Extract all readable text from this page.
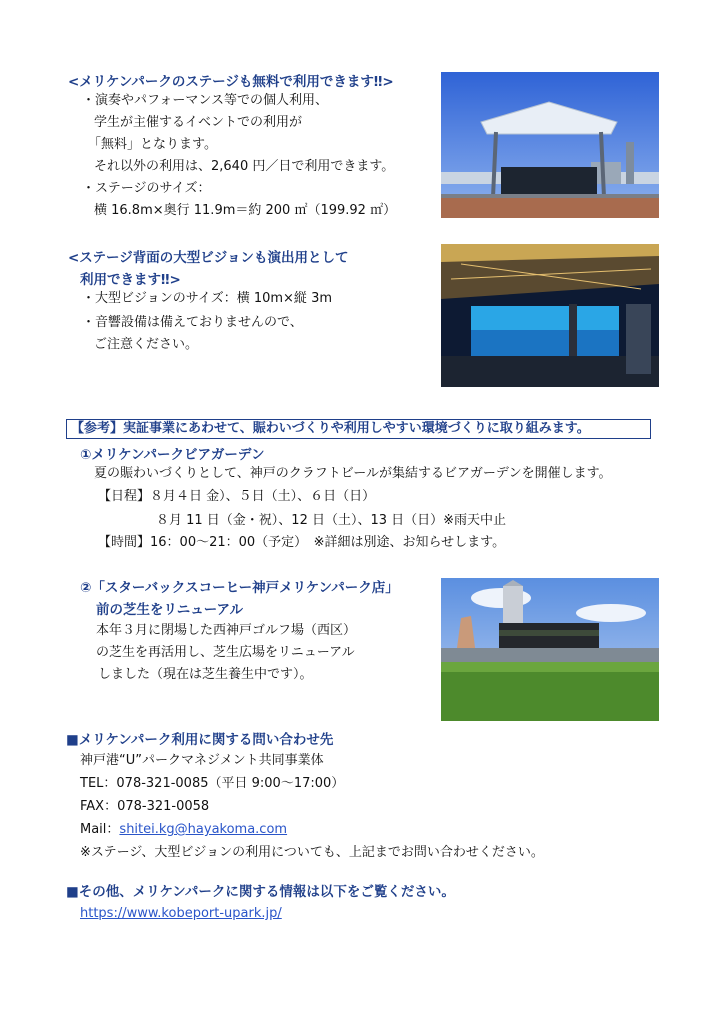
<メリケンパークのステージも無料で利用できます‼>
・演奏やパフォーマンス等での個人利用、
学生が主催するイベントでの利用が
「無料」となります。
それ以外の利用は、2,640 円／日で利用できます。
・ステージのサイズ：
横 16.8m×奥行 11.9m＝約 200 ㎡（199.92 ㎡）
<ステージ背面の大型ビジョンも演出用として
利用できます‼>
・大型ビジョンのサイズ：横 10m×縦 3m
・音響設備は備えておりませんので、
ご注意ください。
【参考】実証事業にあわせて、賑わいづくりや利用しやすい環境づくりに取り組みます。
①メリケンパークビアガーデン
夏の賑わいづくりとして、神戸のクラフトビールが集結するビアガーデンを開催します。
【日程】８月４日 金）、５日（土）、６日（日）
８月 11 日（金・祝）、12 日（土）、13 日（日）※雨天中止
【時間】16：00～21：00（予定）　※詳細は別途、お知らせします。
②「スターバックスコーヒー神戸メリケンパーク店」
前の芝生をリニューアル
本年３月に閉場した西神戸ゴルフ場（西区）
の芝生を再活用し、芝生広場をリニューアル
しました（現在は芝生養生中です）。
■メリケンパーク利用に関する問い合わせ先
神戸港“U”パークマネジメント共同事業体
TEL：078-321-0085（平日 9:00～17:00）
FAX：078-321-0058
Mail：shitei.kg@hayakoma.com
※ステージ、大型ビジョンの利用についても、上記までお問い合わせください。
■その他、メリケンパークに関する情報は以下をご覧ください。
https://www.kobeport-upark.jp/
